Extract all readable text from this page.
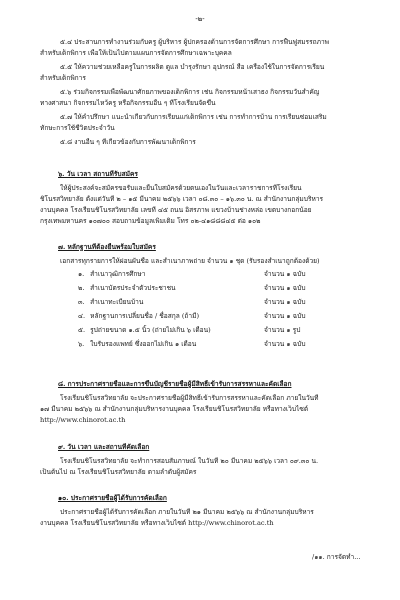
-๒-
๕.๔ ประสานการทำงานร่วมกับครู ผู้บริหาร ผู้ปกครองด้านการจัดการศึกษา การฟื้นฟูสมรรถภาพ
สำหรับเด็กพิการ เพื่อให้เป็นไปตามแผนการจัดการศึกษาเฉพาะบุคคล
๕.๕ ให้ความช่วยเหลือครูในการผลิต ดูแล บำรุงรักษา อุปกรณ์ สื่อ เครื่องใช้ในการจัดการเรียน
สำหรับเด็กพิการ
๕.๖ ร่วมกิจกรรมเพื่อพัฒนาศักยภาพของเด็กพิการ เช่น กิจกรรมหน้าเสาธง กิจกรรมวันสำคัญ
ทางศาสนา กิจกรรมไหว้ครู หรือกิจกรรมอื่น ๆ ที่โรงเรียนจัดขึ้น
๕.๗ ให้คำปรึกษา แนะนำเกี่ยวกับการเรียนแก่เด็กพิการ เช่น การทำการบ้าน การเรียนซ่อมเสริม
ทักษะการใช้ชีวิตประจำวัน
๕.๘ งานอื่น ๆ ที่เกี่ยวข้องกับการพัฒนาเด็กพิการ
๖. วัน เวลา สถานที่รับสมัคร
ให้ผู้ประสงค์จะสมัครขอรับและยื่นใบสมัครด้วยตนเองในวันและเวลาราชการที่โรงเรียน
ชิโนรสวิทยาลัย ตั้งแต่วันที่ ๒ – ๑๕ มีนาคม ๒๕๖๖ เวลา ๐๘.๓๐ – ๑๖.๓๐ น. ณ สำนักงานกลุ่มบริหาร
งานบุคคล โรงเรียนชิโนรสวิทยาลัย เลขที่ ๔๕ ถนน อิสรภาพ แขวงบ้านช่างหล่อ เขตบางกอกน้อย
กรุงเทพมหานคร ๑๐๗๐๐ สอบถามข้อมูลเพิ่มเติม โทร ๐๒-๔๑๘๘๘๔๕ ต่อ ๑๐๒
๗. หลักฐานที่ต้องยื่นพร้อมใบสมัคร
เอกสารทุกรายการให้ผ่อนผันชื่อ และสำเนาภาพถ่าย จำนวน ๑ ชุด (รับรองสำเนาถูกต้องด้วย)
๑. สำเนาวุฒิการศึกษา	จำนวน ๑ ฉบับ
๒. สำเนาบัตรประจำตัวประชาชน	จำนวน ๑ ฉบับ
๓. สำเนาทะเบียนบ้าน	จำนวน ๑ ฉบับ
๔. หลักฐานการเปลี่ยนชื่อ / ชื่อสกุล (ถ้ามี)	จำนวน ๑ ฉบับ
๕. รูปถ่ายขนาด ๑.๕ นิ้ว (ถ่ายไม่เกิน ๖ เดือน)	จำนวน ๑ รูป
๖. ใบรับรองแพทย์ ซึ่งออกไม่เกิน ๑ เดือน	จำนวน ๑ ฉบับ
๘. การประกาศรายชื่อและการขึ้นบัญชีรายชื่อผู้มีสิทธิ์เข้ารับการสรรหาและคัดเลือก
โรงเรียนชิโนรสวิทยาลัย จะประกาศรายชื่อผู้มีสิทธิ์เข้ารับการสรรหาและคัดเลือก ภายในวันที่
๑๗ มีนาคม ๒๕๖๖ ณ สำนักงานกลุ่มบริหารงานบุคคล โรงเรียนชิโนรสวิทยาลัย หรือทางเว็บไซต์
http://www.chinorot.ac.th
๙. วัน เวลา และสถานที่คัดเลือก
โรงเรียนชิโนรสวิทยาลัย จะทำการสอบสัมภาษณ์ ในวันที่ ๒๐ มีนาคม ๒๕๖๖ เวลา ๐๙.๓๐ น.
เป็นต้นไป ณ โรงเรียนชิโนรสวิทยาลัย ตามลำดับผู้สมัคร
๑๐. ประกาศรายชื่อผู้ได้รับการคัดเลือก
ประกาศรายชื่อผู้ได้รับการคัดเลือก ภายในวันที่ ๒๑ มีนาคม ๒๕๖๖ ณ สำนักงานกลุ่มบริหาร
งานบุคคล โรงเรียนชิโนรสวิทยาลัย หรือทางเว็บไซต์ http://www.chinorot.ac.th
/๑๑. การจัดทำ...
